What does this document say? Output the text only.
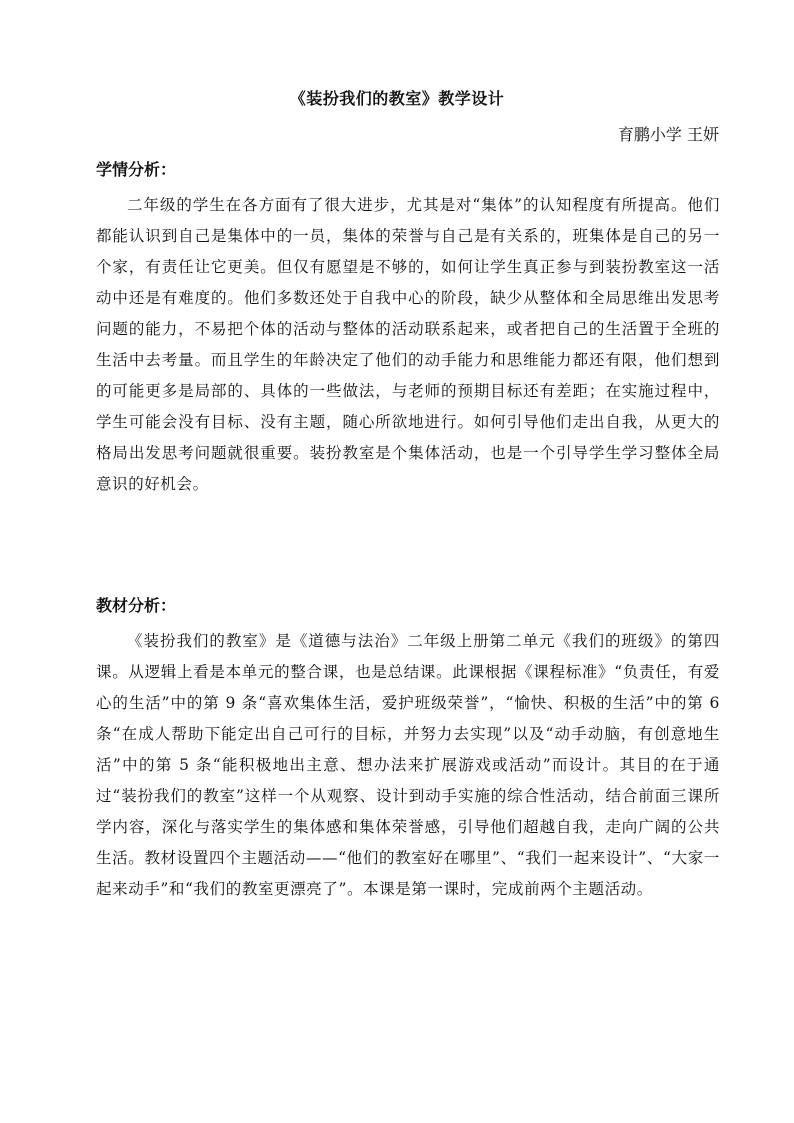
《装扮我们的教室》教学设计
育鹏小学 王妍
学情分析：

二年级的学生在各方面有了很大进步，尤其是对“集体”的认知程度有所提高。他们都能认识到自己是集体中的一员，集体的荣誉与自己是有关系的，班集体是自己的另一个家，有责任让它更美。但仅有愿望是不够的，如何让学生真正参与到装扮教室这一活动中还是有难度的。他们多数还处于自我中心的阶段，缺少从整体和全局思维出发思考问题的能力，不易把个体的活动与整体的活动联系起来，或者把自己的生活置于全班的生活中去考量。而且学生的年龄决定了他们的动手能力和思维能力都还有限，他们想到的可能更多是局部的、具体的一些做法，与老师的预期目标还有差距；在实施过程中，学生可能会没有目标、没有主题，随心所欲地进行。如何引导他们走出自我，从更大的格局出发思考问题就很重要。装扮教室是个集体活动，也是一个引导学生学习整体全局意识的好机会。

教材分析：

《装扮我们的教室》是《道德与法治》二年级上册第二单元《我们的班级》的第四课。从逻辑上看是本单元的整合课，也是总结课。此课根据《课程标准》“负责任，有爱心的生活”中的第 9 条“喜欢集体生活，爱护班级荣誉”，“愉快、积极的生活”中的第 6 条“在成人帮助下能定出自己可行的目标，并努力去实现”以及“动手动脑，有创意地生活”中的第 5 条“能积极地出主意、想办法来扩展游戏或活动”而设计。其目的在于通过“装扮我们的教室”这样一个从观察、设计到动手实施的综合性活动，结合前面三课所学内容，深化与落实学生的集体感和集体荣誉感，引导他们超越自我，走向广阔的公共生活。教材设置四个主题活动——“他们的教室好在哪里”、“我们一起来设计”、“大家一起来动手”和“我们的教室更漂亮了”。本课是第一课时，完成前两个主题活动。
